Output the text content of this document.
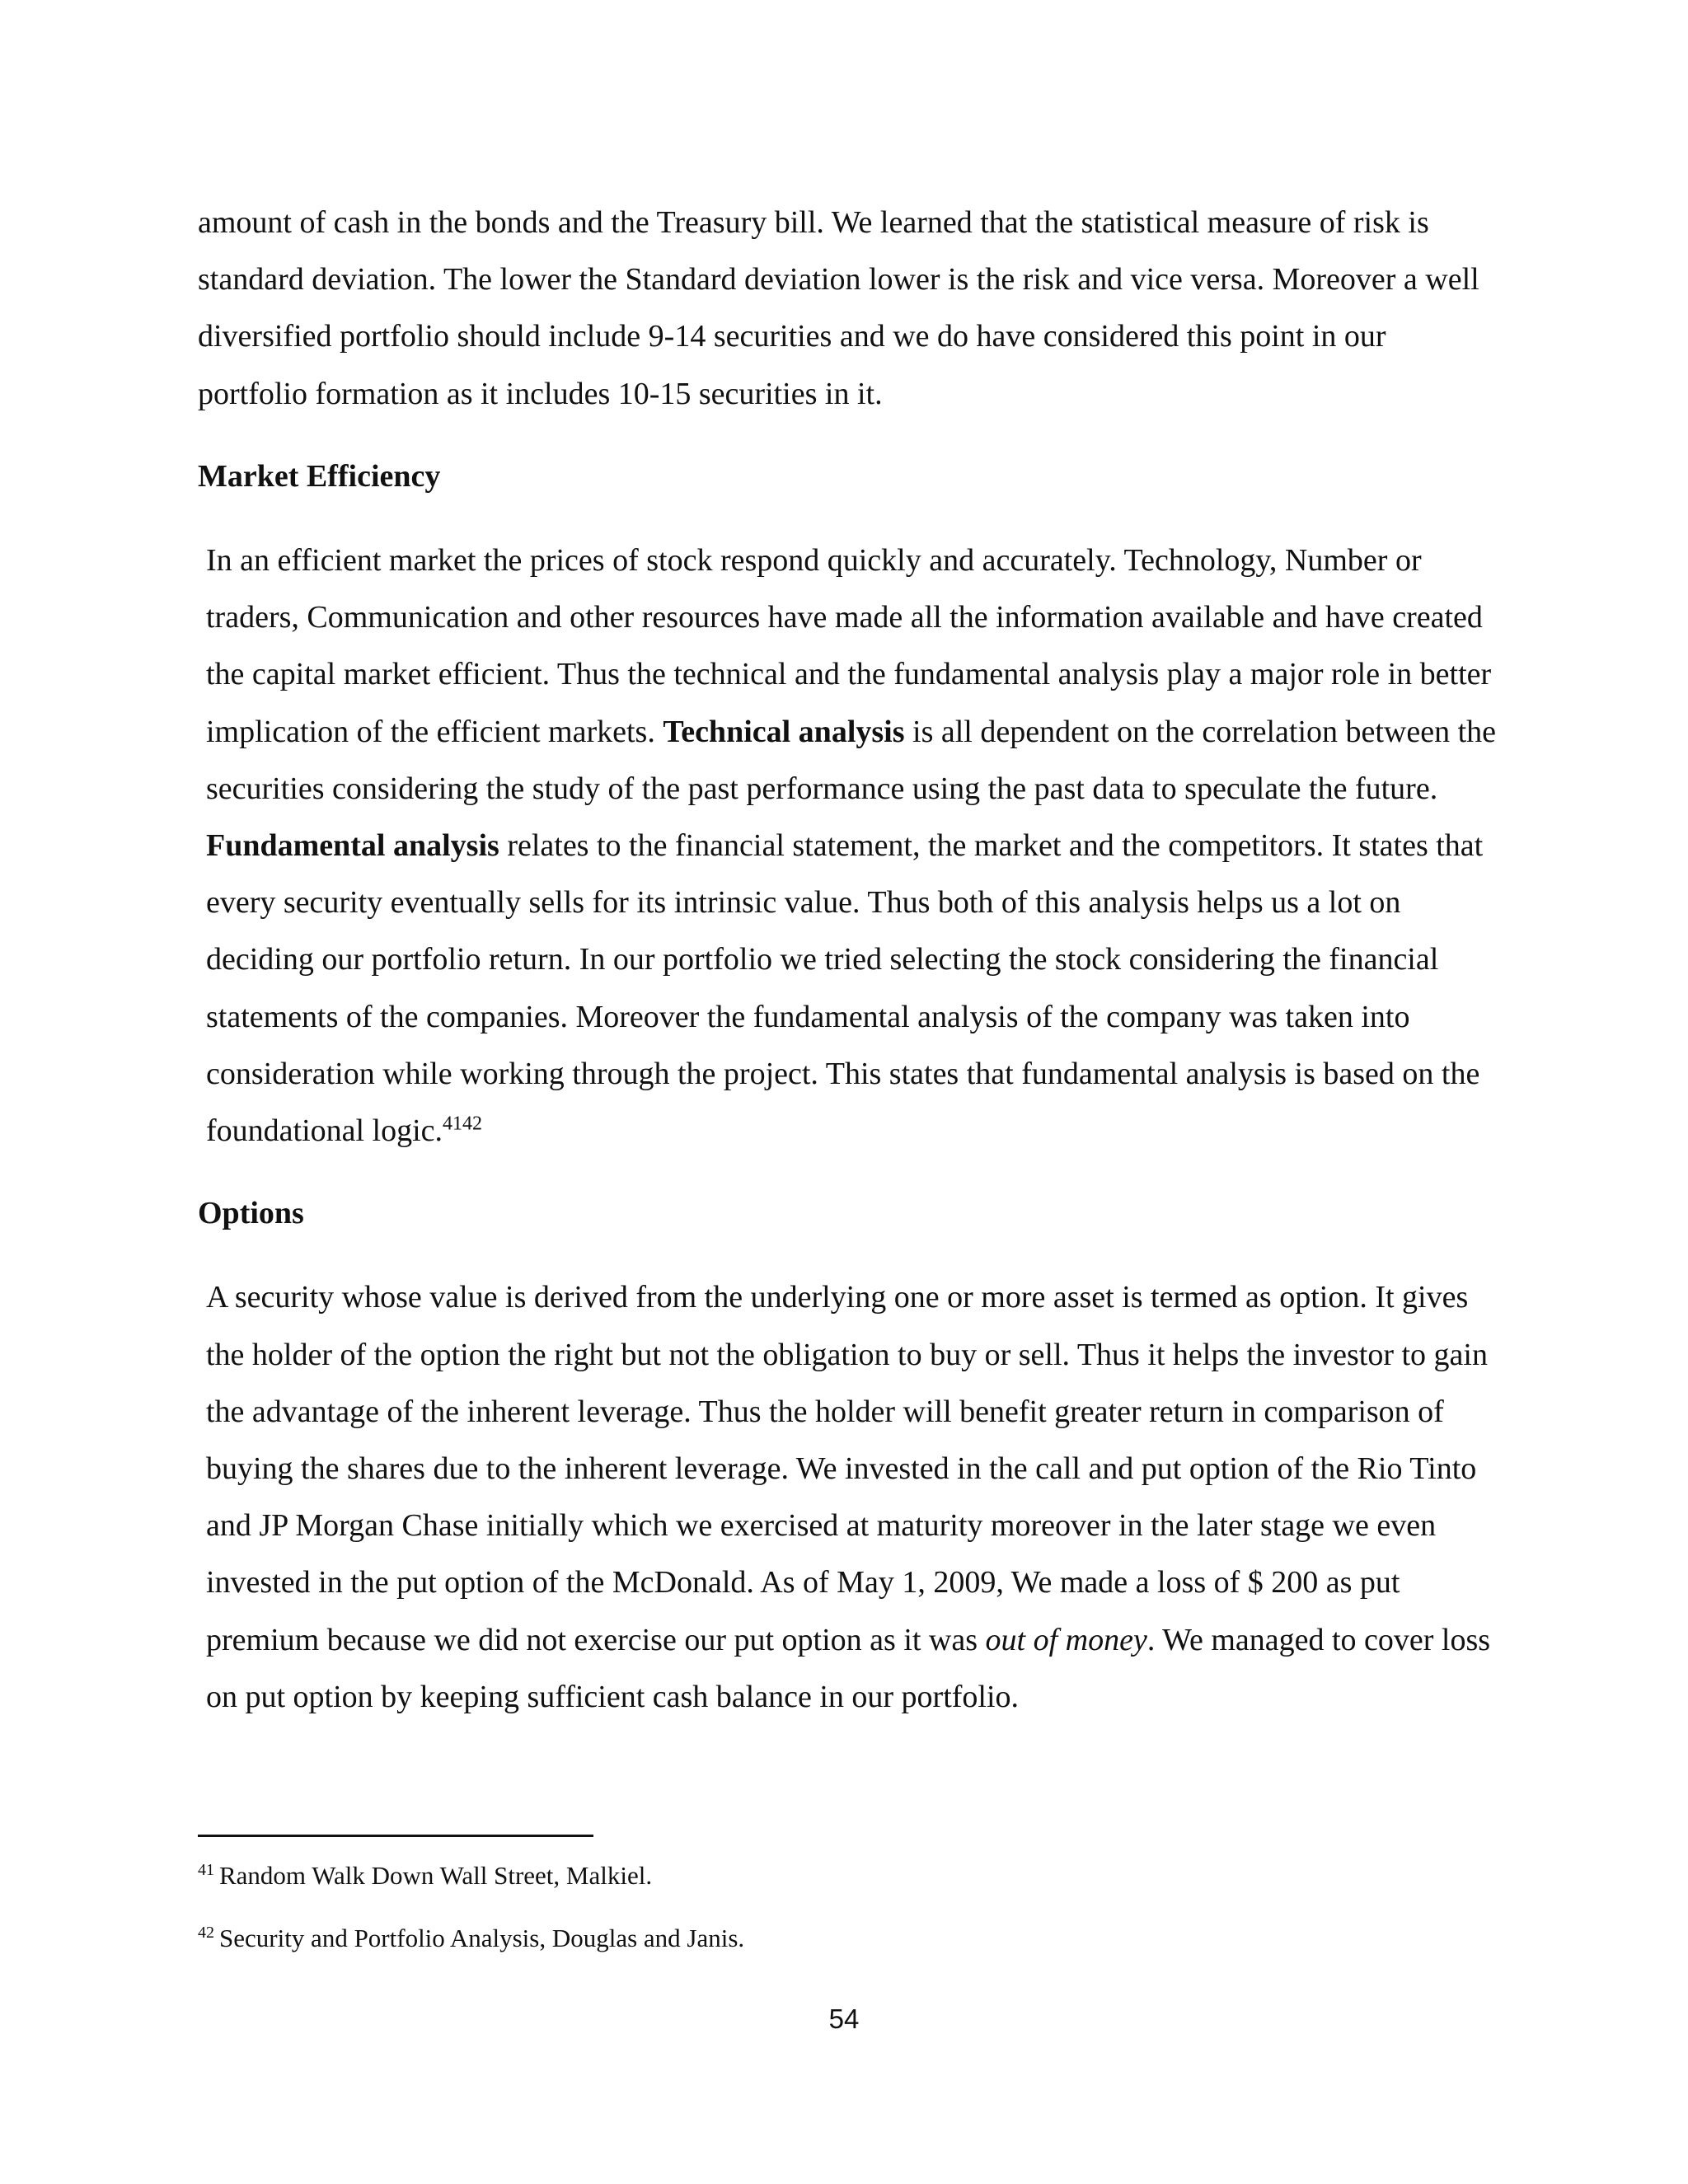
amount of cash in the bonds and the Treasury bill. We learned that the statistical measure of risk is standard deviation. The lower the Standard deviation lower is the risk and vice versa. Moreover a well diversified portfolio should include 9-14 securities and we do have considered this point in our portfolio formation as it includes 10-15 securities in it.

Market Efficiency

In an efficient market the prices of stock respond quickly and accurately. Technology, Number or traders, Communication and other resources have made all the information available and have created the capital market efficient. Thus the technical and the fundamental analysis play a major role in better implication of the efficient markets. Technical analysis is all dependent on the correlation between the securities considering the study of the past performance using the past data to speculate the future. Fundamental analysis relates to the financial statement, the market and the competitors. It states that every security eventually sells for its intrinsic value. Thus both of this analysis helps us a lot on deciding our portfolio return. In our portfolio we tried selecting the stock considering the financial statements of the companies. Moreover the fundamental analysis of the company was taken into consideration while working through the project. This states that fundamental analysis is based on the foundational logic.$^{4142}$

Options

A security whose value is derived from the underlying one or more asset is termed as option. It gives the holder of the option the right but not the obligation to buy or sell. Thus it helps the investor to gain the advantage of the inherent leverage. Thus the holder will benefit greater return in comparison of buying the shares due to the inherent leverage. We invested in the call and put option of the Rio Tinto and JP Morgan Chase initially which we exercised at maturity moreover in the later stage we even invested in the put option of the McDonald. As of May 1, 2009, We made a loss of $ 200 as put premium because we did not exercise our put option as it was out of money. We managed to cover loss on put option by keeping sufficient cash balance in our portfolio.

$^{41}$ Random Walk Down Wall Street, Malkiel.
$^{42}$ Security and Portfolio Analysis, Douglas and Janis.
54
